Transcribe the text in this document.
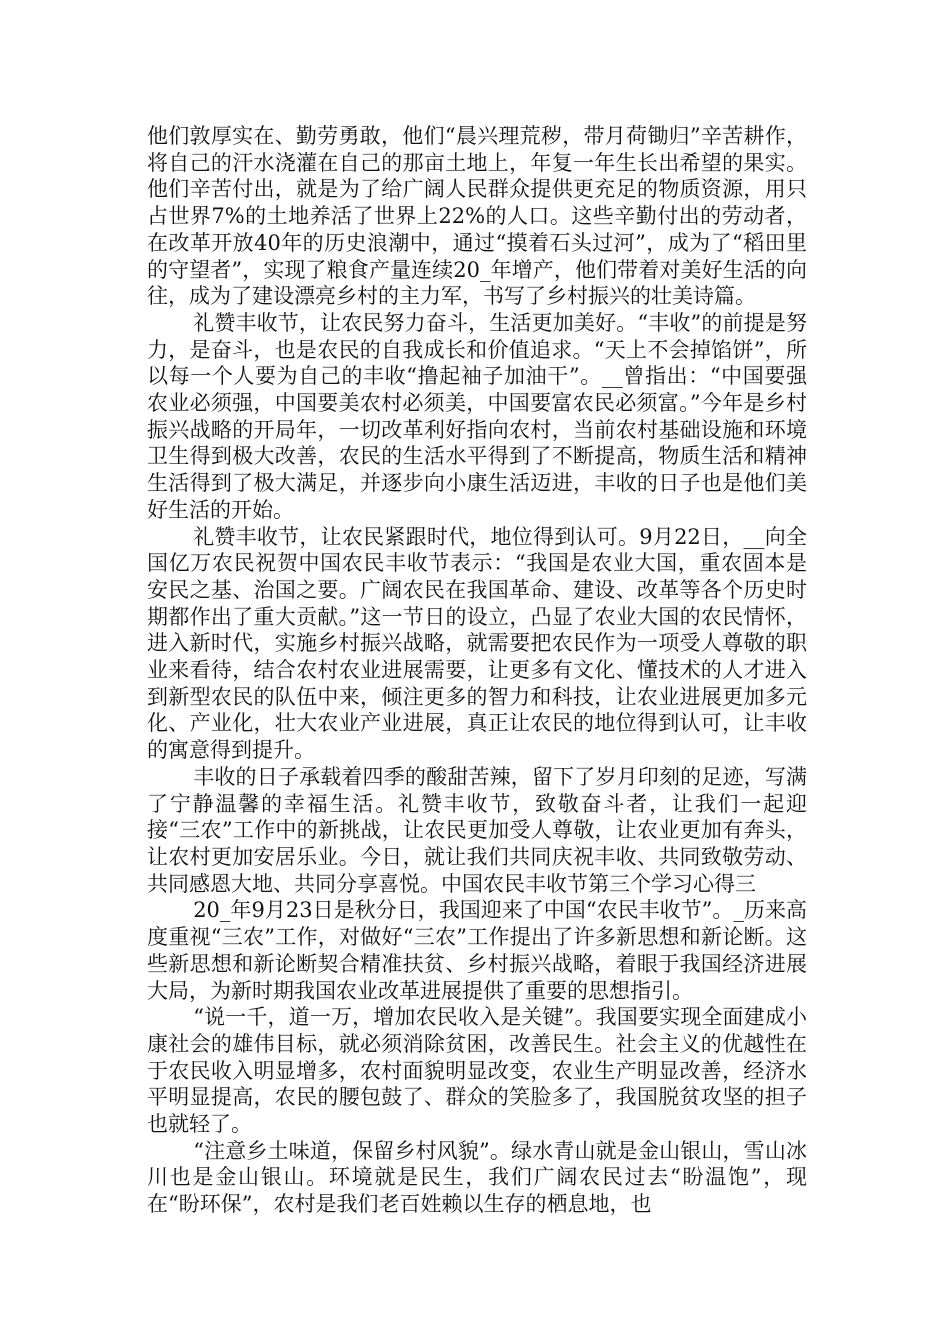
他们敦厚实在、勤劳勇敢，他们“晨兴理荒秽，带月荷锄归”辛苦耕作，将自己的汗水浇灌在自己的那亩土地上，年复一年生长出希望的果实。他们辛苦付出，就是为了给广阔人民群众提供更充足的物质资源，用只占世界7%的土地养活了世界上22%的人口。这些辛勤付出的劳动者，在改革开放40年的历史浪潮中，通过“摸着石头过河”，成为了“稻田里的守望者”，实现了粮食产量连续20_年增产，他们带着对美好生活的向往，成为了建设漂亮乡村的主力军，书写了乡村振兴的壮美诗篇。

礼赞丰收节，让农民努力奋斗，生活更加美好。“丰收”的前提是努力，是奋斗，也是农民的自我成长和价值追求。“天上不会掉馅饼”，所以每一个人要为自己的丰收“撸起袖子加油干”。__曾指出：“中国要强农业必须强，中国要美农村必须美，中国要富农民必须富。”今年是乡村振兴战略的开局年，一切改革利好指向农村，当前农村基础设施和环境卫生得到极大改善，农民的生活水平得到了不断提高，物质生活和精神生活得到了极大满足，并逐步向小康生活迈进，丰收的日子也是他们美好生活的开始。

礼赞丰收节，让农民紧跟时代，地位得到认可。9月22日，__向全国亿万农民祝贺中国农民丰收节表示：“我国是农业大国，重农固本是安民之基、治国之要。广阔农民在我国革命、建设、改革等各个历史时期都作出了重大贡献。”这一节日的设立，凸显了农业大国的农民情怀，进入新时代，实施乡村振兴战略，就需要把农民作为一项受人尊敬的职业来看待，结合农村农业进展需要，让更多有文化、懂技术的人才进入到新型农民的队伍中来，倾注更多的智力和科技，让农业进展更加多元化、产业化，壮大农业产业进展，真正让农民的地位得到认可，让丰收的寓意得到提升。

丰收的日子承载着四季的酸甜苦辣，留下了岁月印刻的足迹，写满了宁静温馨的幸福生活。礼赞丰收节，致敬奋斗者，让我们一起迎接“三农”工作中的新挑战，让农民更加受人尊敬，让农业更加有奔头，让农村更加安居乐业。今日，就让我们共同庆祝丰收、共同致敬劳动、共同感恩大地、共同分享喜悦。中国农民丰收节第三个学习心得三

20_年9月23日是秋分日，我国迎来了中国“农民丰收节”。_历来高度重视“三农”工作，对做好“三农”工作提出了许多新思想和新论断。这些新思想和新论断契合精准扶贫、乡村振兴战略，着眼于我国经济进展大局，为新时期我国农业改革进展提供了重要的思想指引。

“说一千，道一万，增加农民收入是关键”。我国要实现全面建成小康社会的雄伟目标，就必须消除贫困，改善民生。社会主义的优越性在于农民收入明显增多，农村面貌明显改变，农业生产明显改善，经济水平明显提高，农民的腰包鼓了、群众的笑脸多了，我国脱贫攻坚的担子也就轻了。

“注意乡土味道，保留乡村风貌”。绿水青山就是金山银山，雪山冰川也是金山银山。环境就是民生，我们广阔农民过去“盼温饱”，现在“盼环保”，农村是我们老百姓赖以生存的栖息地，也
